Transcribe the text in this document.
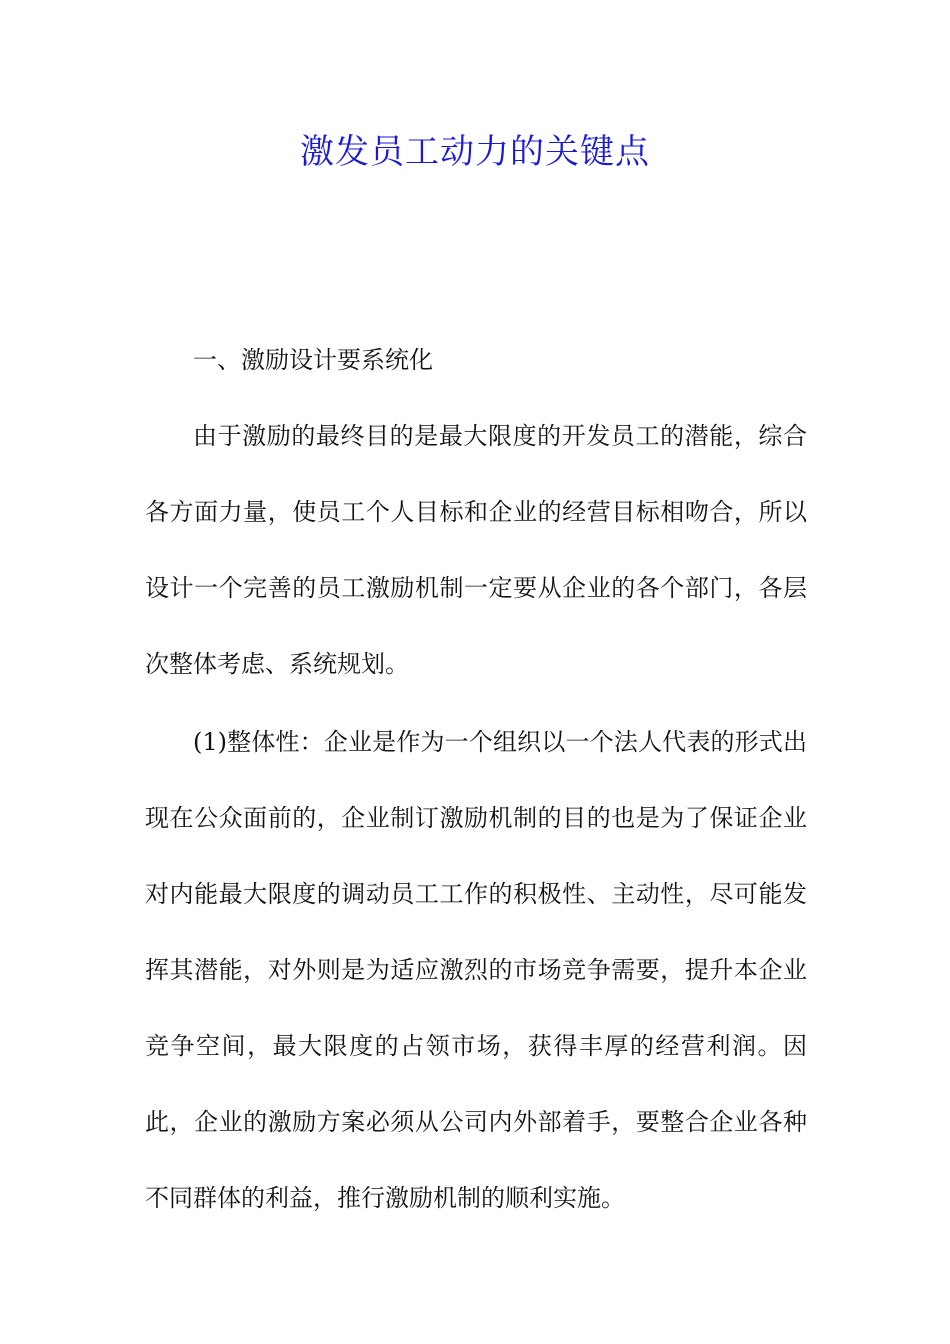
激发员工动力的关键点
一、激励设计要系统化
由于激励的最终目的是最大限度的开发员工的潜能，综合各方面力量，使员工个人目标和企业的经营目标相吻合，所以设计一个完善的员工激励机制一定要从企业的各个部门，各层次整体考虑、系统规划。
(1)整体性：企业是作为一个组织以一个法人代表的形式出现在公众面前的，企业制订激励机制的目的也是为了保证企业对内能最大限度的调动员工工作的积极性、主动性，尽可能发挥其潜能，对外则是为适应激烈的市场竞争需要，提升本企业竞争空间，最大限度的占领市场，获得丰厚的经营利润。因此，企业的激励方案必须从公司内外部着手，要整合企业各种不同群体的利益，推行激励机制的顺利实施。
